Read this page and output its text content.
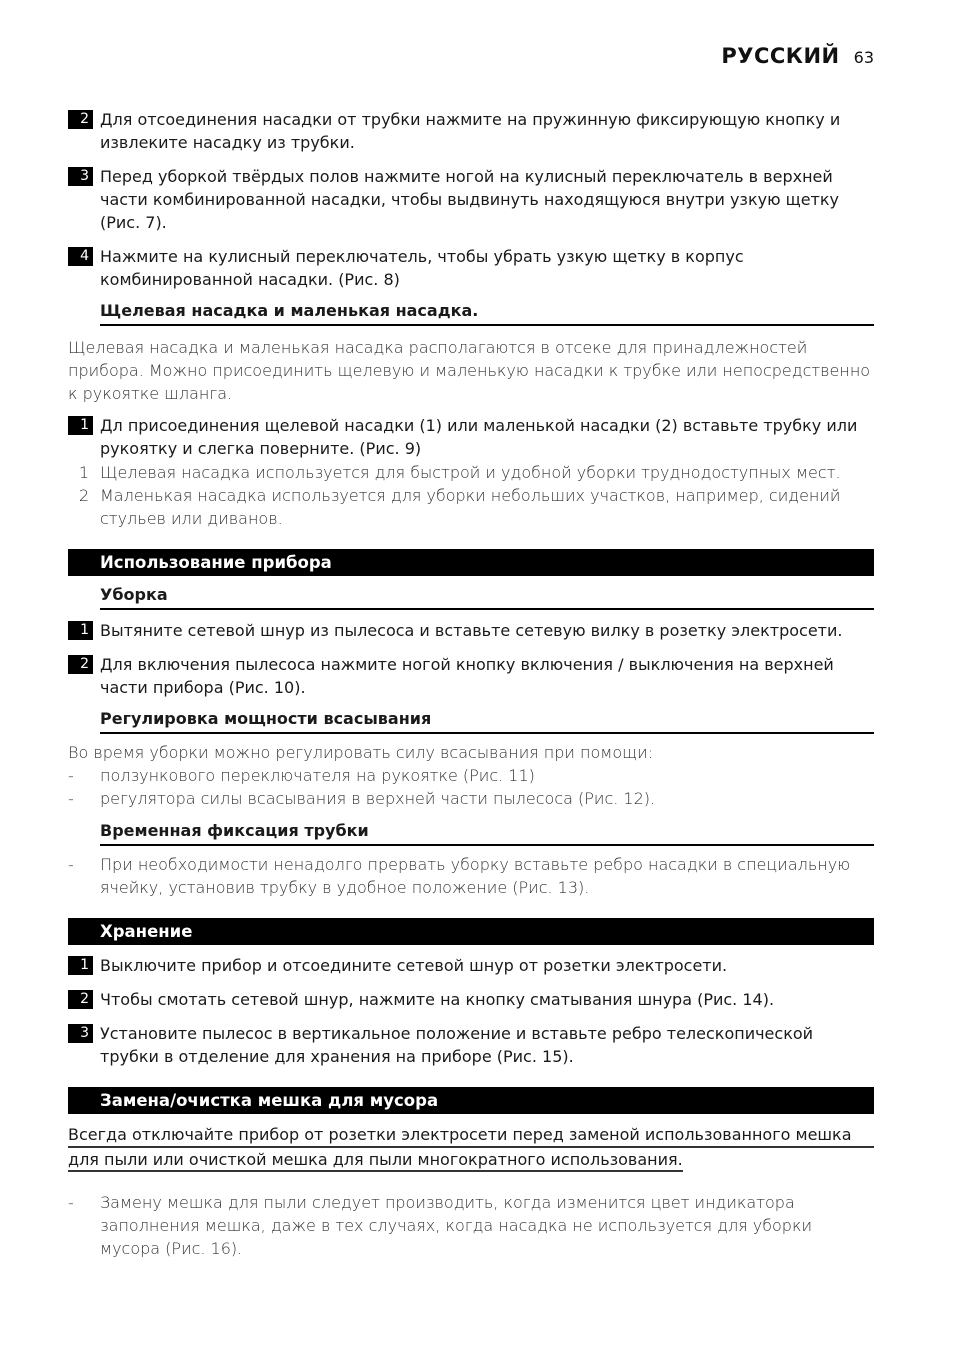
РУССКИЙ 63
2 Для отсоединения насадки от трубки нажмите на пружинную фиксирующую кнопку и извлеките насадку из трубки.
3 Перед уборкой твёрдых полов нажмите ногой на кулисный переключатель в верхней части комбинированной насадки, чтобы выдвинуть находящуюся внутри узкую щетку (Рис. 7).
4 Нажмите на кулисный переключатель, чтобы убрать узкую щетку в корпус комбинированной насадки. (Рис. 8)
Щелевая насадка и маленькая насадка.
Щелевая насадка и маленькая насадка располагаются в отсеке для принадлежностей прибора. Можно присоединить щелевую и маленькую насадки к трубке или непосредственно к рукоятке шланга.
1 Дл присоединения щелевой насадки (1) или маленькой насадки (2) вставьте трубку или рукоятку и слегка поверните. (Рис. 9)
1 Щелевая насадка используется для быстрой и удобной уборки труднодоступных мест.
2 Маленькая насадка используется для уборки небольших участков, например, сидений стульев или диванов.
Использование прибора
Уборка
1 Вытяните сетевой шнур из пылесоса и вставьте сетевую вилку в розетку электросети.
2 Для включения пылесоса нажмите ногой кнопку включения / выключения на верхней части прибора (Рис. 10).
Регулировка мощности всасывания
Во время уборки можно регулировать силу всасывания при помощи:
- ползункового переключателя на рукоятке (Рис. 11)
- регулятора силы всасывания в верхней части пылесоса (Рис. 12).
Временная фиксация трубки
- При необходимости ненадолго прервать уборку вставьте ребро насадки в специальную ячейку, установив трубку в удобное положение (Рис. 13).
Хранение
1 Выключите прибор и отсоедините сетевой шнур от розетки электросети.
2 Чтобы смотать сетевой шнур, нажмите на кнопку сматывания шнура (Рис. 14).
3 Установите пылесос в вертикальное положение и вставьте ребро телескопической трубки в отделение для хранения на приборе (Рис. 15).
Замена/очистка мешка для мусора
Всегда отключайте прибор от розетки электросети перед заменой использованного мешка
для пыли или очисткой мешка для пыли многократного использования.
- Замену мешка для пыли следует производить, когда изменится цвет индикатора заполнения мешка, даже в тех случаях, когда насадка не используется для уборки мусора (Рис. 16).
